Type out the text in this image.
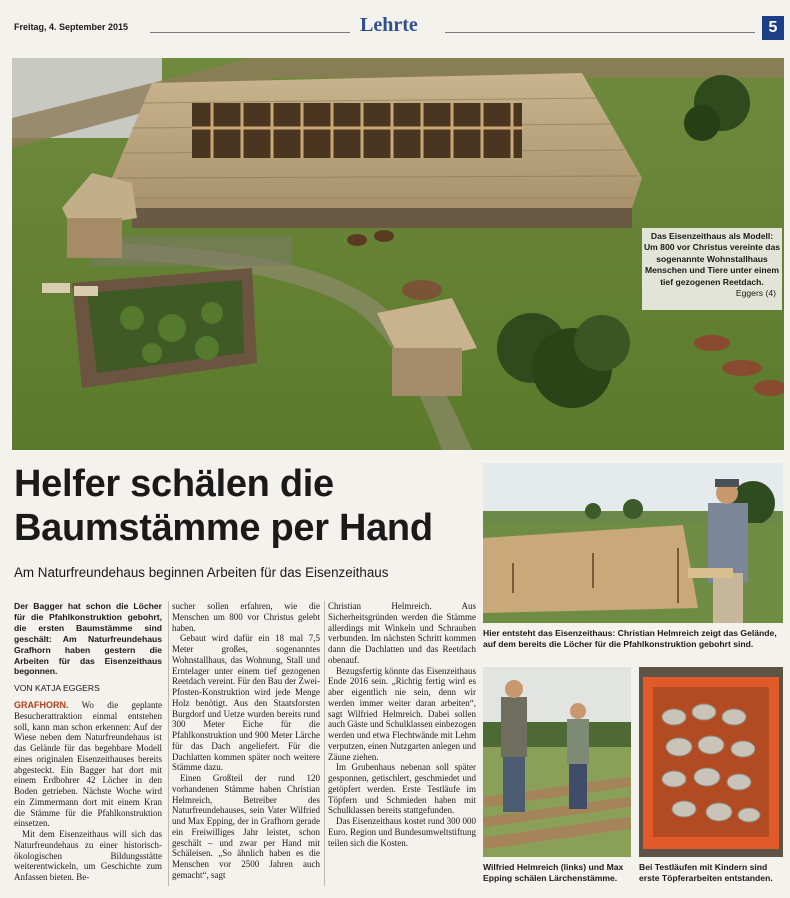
Freitag, 4. September 2015	Lehrte	5
Das Eisenzeithaus als Modell:
Um 800 vor Christus vereinte das sogenannte Wohnstallhaus Menschen und Tiere unter einem tief gezogenen Reetdach.
Eggers (4)
Helfer schälen die
Baumstämme per Hand
Am Naturfreundehaus beginnen Arbeiten für das Eisenzeithaus

Der Bagger hat schon die Löcher für die Pfahlkonstruktion gebohrt, die ersten Baumstämme sind geschält: Am Naturfreundehaus Grafhorn haben gestern die Arbeiten für das Eisenzeithaus begonnen.

VON KATJA EGGERS

GRAFHORN. Wo die geplante Besucherattraktion einmal entstehen soll, kann man schon erkennen: Auf der Wiese neben dem Naturfreundehaus ist das Gelände für das begehbare Modell eines originalen Eisenzeithauses bereits abgesteckt. Ein Bagger hat dort mit einem Erdbohrer 42 Löcher in den Boden getrieben. Nächste Woche wird ein Zimmermann dort mit einem Kran die Stämme für die Pfahlkonstruktion einsetzen.

Mit dem Eisenzeithaus will sich das Naturfreundehaus zu einer historisch-ökologischen Bildungsstätte weiterentwickeln, um Geschichte zum Anfassen bieten. Be-

sucher sollen erfahren, wie die Menschen um 800 vor Christus gelebt haben.

Gebaut wird dafür ein 18 mal 7,5 Meter großes, sogenanntes Wohnstallhaus, das Wohnung, Stall und Erntelager unter einem tief gezogenen Reetdach vereint. Für den Bau der Zwei-Pfosten-Konstruktion wird jede Menge Holz benötigt. Aus den Staatsforsten Burgdorf und Uetze wurden bereits rund 300 Meter Eiche für die Pfahlkonstruktion und 900 Meter Lärche für das Dach angeliefert. Für die Dachlatten kommen später noch weitere Stämme dazu.

Einen Großteil der rund 120 vorhandenen Stämme haben Christian Helmreich, Betreiber des Naturfreundehauses, sein Vater Wilfried und Max Epping, der in Grafhorn gerade ein Freiwilliges Jahr leistet, schon geschält – und zwar per Hand mit Schäleisen. „So ähnlich haben es die Menschen vor 2500 Jahren auch gemacht“, sagt

Christian Helmreich. Aus Sicherheitsgründen werden die Stämme allerdings mit Winkeln und Schrauben verbunden. Im nächsten Schritt kommen dann die Dachlatten und das Reetdach obenauf.

Bezugsfertig könnte das Eisenzeithaus Ende 2016 sein. „Richtig fertig wird es aber eigentlich nie sein, denn wir werden immer weiter daran arbeiten“, sagt Wilfried Helmreich. Dabei sollen auch Gäste und Schulklassen einbezogen werden und etwa Flechtwände mit Lehm verputzen, einen Nutzgarten anlegen und Zäune ziehen.

Im Grubenhaus nebenan soll später gesponnen, getischlert, geschmiedet und getöpfert werden. Erste Testläufe im Töpfern und Schmieden haben mit Schulklassen bereits stattgefunden.

Das Eisenzeithaus kostet rund 300 000 Euro. Region und Bundesumweltstiftung teilen sich die Kosten.

Hier entsteht das Eisenzeithaus: Christian Helmreich zeigt das Gelände, auf dem bereits die Löcher für die Pfahlkonstruktion gebohrt sind.
Wilfried Helmreich (links) und Max Epping schälen Lärchenstämme.
Bei Testläufen mit Kindern sind erste Töpferarbeiten entstanden.
